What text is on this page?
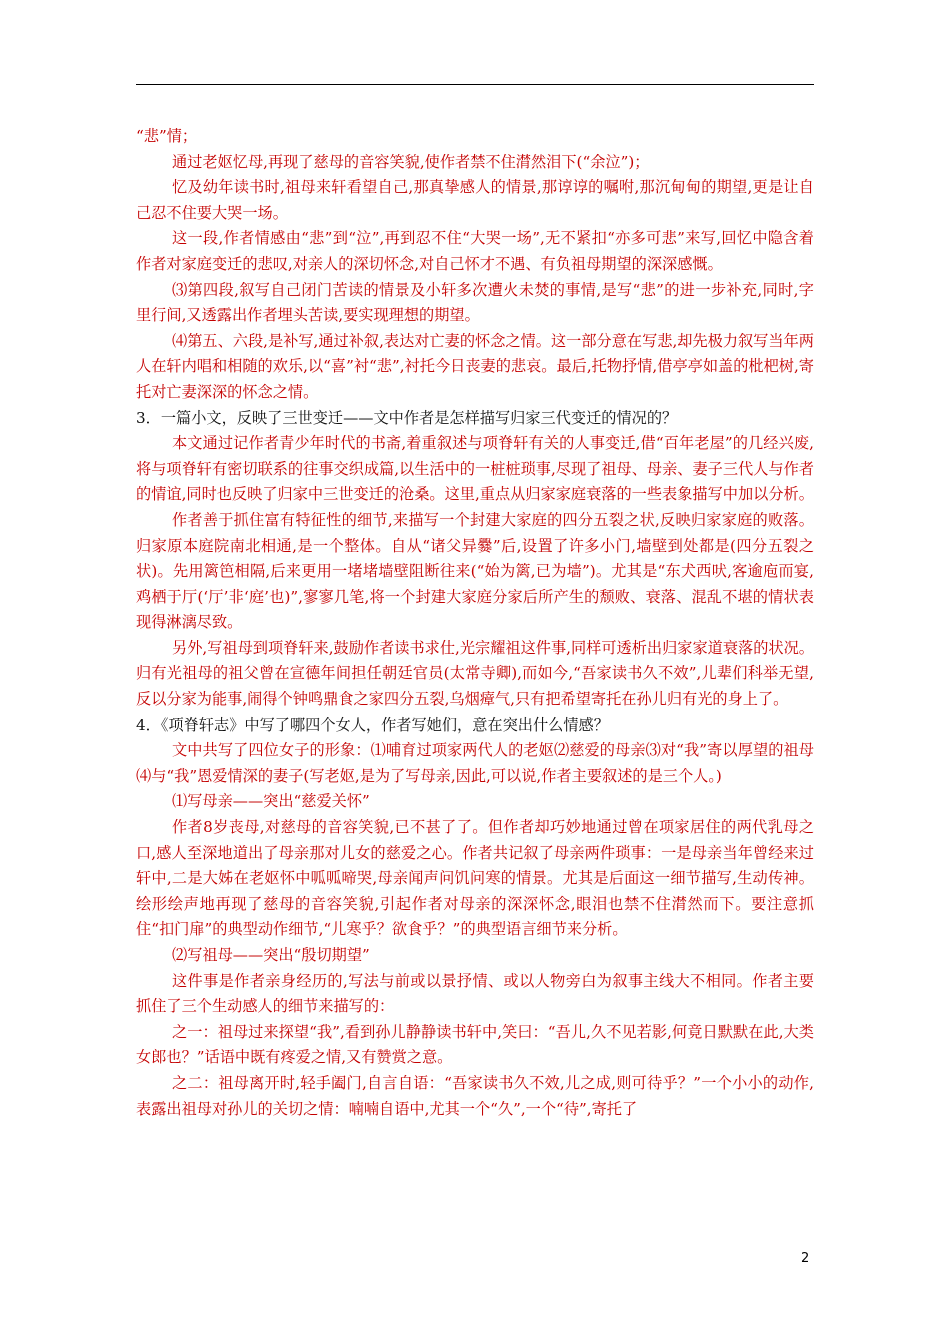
“悲”情；

通过老妪忆母,再现了慈母的音容笑貌,使作者禁不住潸然泪下(“余泣”)；

忆及幼年读书时,祖母来轩看望自己,那真挚感人的情景,那谆谆的嘱咐,那沉甸甸的期望,更是让自己忍不住要大哭一场。

这一段,作者情感由“悲”到“泣”,再到忍不住“大哭一场”,无不紧扣“亦多可悲”来写,回忆中隐含着作者对家庭变迁的悲叹,对亲人的深切怀念,对自己怀才不遇、有负祖母期望的深深感慨。

⑶第四段,叙写自己闭门苦读的情景及小轩多次遭火未焚的事情,是写“悲”的进一步补充,同时,字里行间,又透露出作者埋头苦读,要实现理想的期望。

⑷第五、六段,是补写,通过补叙,表达对亡妻的怀念之情。这一部分意在写悲,却先极力叙写当年两人在轩内唱和相随的欢乐,以“喜”衬“悲”,衬托今日丧妻的悲哀。最后,托物抒情,借亭亭如盖的枇杷树,寄托对亡妻深深的怀念之情。

3．一篇小文，反映了三世变迁——文中作者是怎样描写归家三代变迁的情况的？

本文通过记作者青少年时代的书斋,着重叙述与项脊轩有关的人事变迁,借“百年老屋”的几经兴废,将与项脊轩有密切联系的往事交织成篇,以生活中的一桩桩琐事,尽现了祖母、母亲、妻子三代人与作者的情谊,同时也反映了归家中三世变迁的沧桑。这里,重点从归家家庭衰落的一些表象描写中加以分析。

作者善于抓住富有特征性的细节,来描写一个封建大家庭的四分五裂之状,反映归家家庭的败落。归家原本庭院南北相通,是一个整体。自从“诸父异爨”后,设置了许多小门,墙壁到处都是(四分五裂之状)。先用篱笆相隔,后来更用一堵堵墙壁阻断往来(“始为篱,已为墙”)。尤其是“东犬西吠,客逾庖而宴,鸡栖于厅(‘厅’非‘庭’也)”,寥寥几笔,将一个封建大家庭分家后所产生的颓败、衰落、混乱不堪的情状表现得淋漓尽致。

另外,写祖母到项脊轩来,鼓励作者读书求仕,光宗耀祖这件事,同样可透析出归家家道衰落的状况。归有光祖母的祖父曾在宣德年间担任朝廷官员(太常寺卿),而如今,“吾家读书久不效”,儿辈们科举无望,反以分家为能事,闹得个钟鸣鼎食之家四分五裂,乌烟瘴气,只有把希望寄托在孙儿归有光的身上了。

4．《项脊轩志》中写了哪四个女人，作者写她们，意在突出什么情感？

文中共写了四位女子的形象：⑴哺育过项家两代人的老妪⑵慈爱的母亲⑶对“我”寄以厚望的祖母⑷与“我”恩爱情深的妻子(写老妪,是为了写母亲,因此,可以说,作者主要叙述的是三个人。)

⑴写母亲——突出“慈爱关怀”

作者8岁丧母,对慈母的音容笑貌,已不甚了了。但作者却巧妙地通过曾在项家居住的两代乳母之口,感人至深地道出了母亲那对儿女的慈爱之心。作者共记叙了母亲两件琐事：一是母亲当年曾经来过轩中,二是大姊在老妪怀中呱呱啼哭,母亲闻声问饥问寒的情景。尤其是后面这一细节描写,生动传神。绘形绘声地再现了慈母的音容笑貌,引起作者对母亲的深深怀念,眼泪也禁不住潸然而下。要注意抓住“扣门扉”的典型动作细节,“儿寒乎？欲食乎？”的典型语言细节来分析。

⑵写祖母——突出“殷切期望”

这件事是作者亲身经历的,写法与前或以景抒情、或以人物旁白为叙事主线大不相同。作者主要抓住了三个生动感人的细节来描写的：

之一：祖母过来探望“我”,看到孙儿静静读书轩中,笑曰：“吾儿,久不见若影,何竟日默默在此,大类女郎也？”话语中既有疼爱之情,又有赞赏之意。

之二：祖母离开时,轻手阖门,自言自语：“吾家读书久不效,儿之成,则可待乎？”一个小小的动作,表露出祖母对孙儿的关切之情：喃喃自语中,尤其一个“久”,一个“待”,寄托了

2
